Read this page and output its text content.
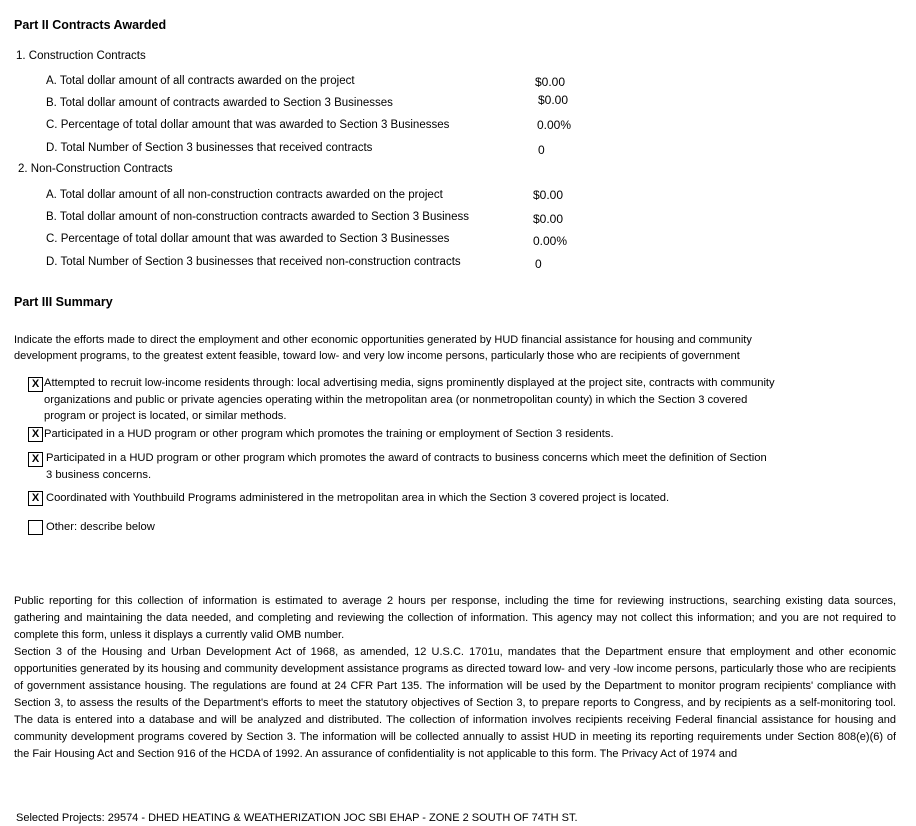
Part II Contracts Awarded
1. Construction Contracts
A. Total dollar amount of all contracts awarded on the project	$0.00
B. Total dollar amount of contracts awarded to Section 3 Businesses	$0.00
C. Percentage of total dollar amount that was awarded to Section 3 Businesses	0.00%
D. Total Number of Section 3 businesses that received contracts	0
2. Non-Construction Contracts
A. Total dollar amount of all non-construction contracts awarded on the project	$0.00
B. Total dollar amount of non-construction contracts awarded to Section 3 Business	$0.00
C. Percentage of total dollar amount that was awarded to Section 3 Businesses	0.00%
D. Total Number of Section 3 businesses that received non-construction contracts	0
Part III Summary
Indicate the efforts made to direct the employment and other economic opportunities generated by HUD financial assistance for housing and community
development programs, to the greatest extent feasible, toward low- and very low income persons, particularly those who are recipients of government
X Attempted to recruit low-income residents through: local advertising media, signs prominently displayed at the project site, contracts with community
organizations and public or private agencies operating within the metropolitan area (or nonmetropolitan county) in which the Section 3 covered
program or project is located, or similar methods.
X Participated in a HUD program or other program which promotes the training or employment of Section 3 residents.
X Participated in a HUD program or other program which promotes the award of contracts to business concerns which meet the definition of Section
3 business concerns.
X Coordinated with Youthbuild Programs administered in the metropolitan area in which the Section 3 covered project is located.
Other: describe below
Public reporting for this collection of information is estimated to average 2 hours per response, including the time for reviewing instructions, searching existing data sources, gathering and maintaining the data needed, and completing and reviewing the collection of information. This agency may not collect this information; and you are not required to complete this form, unless it displays a currently valid OMB number.
Section 3 of the Housing and Urban Development Act of 1968, as amended, 12 U.S.C. 1701u, mandates that the Department ensure that employment and other economic opportunities generated by its housing and community development assistance programs as directed toward low- and very -low income persons, particularly those who are recipients of government assistance housing. The regulations are found at 24 CFR Part 135. The information will be used by the Department to monitor program recipients' compliance with Section 3, to assess the results of the Department's efforts to meet the statutory objectives of Section 3, to prepare reports to Congress, and by recipients as a self-monitoring tool. The data is entered into a database and will be analyzed and distributed. The collection of information involves recipients receiving Federal financial assistance for housing and community development programs covered by Section 3. The information will be collected annually to assist HUD in meeting its reporting requirements under Section 808(e)(6) of the Fair Housing Act and Section 916 of the HCDA of 1992. An assurance of confidentiality is not applicable to this form. The Privacy Act of 1974 and
Selected Projects: 29574 - DHED HEATING & WEATHERIZATION JOC SBI EHAP - ZONE 2 SOUTH OF 74TH ST.
